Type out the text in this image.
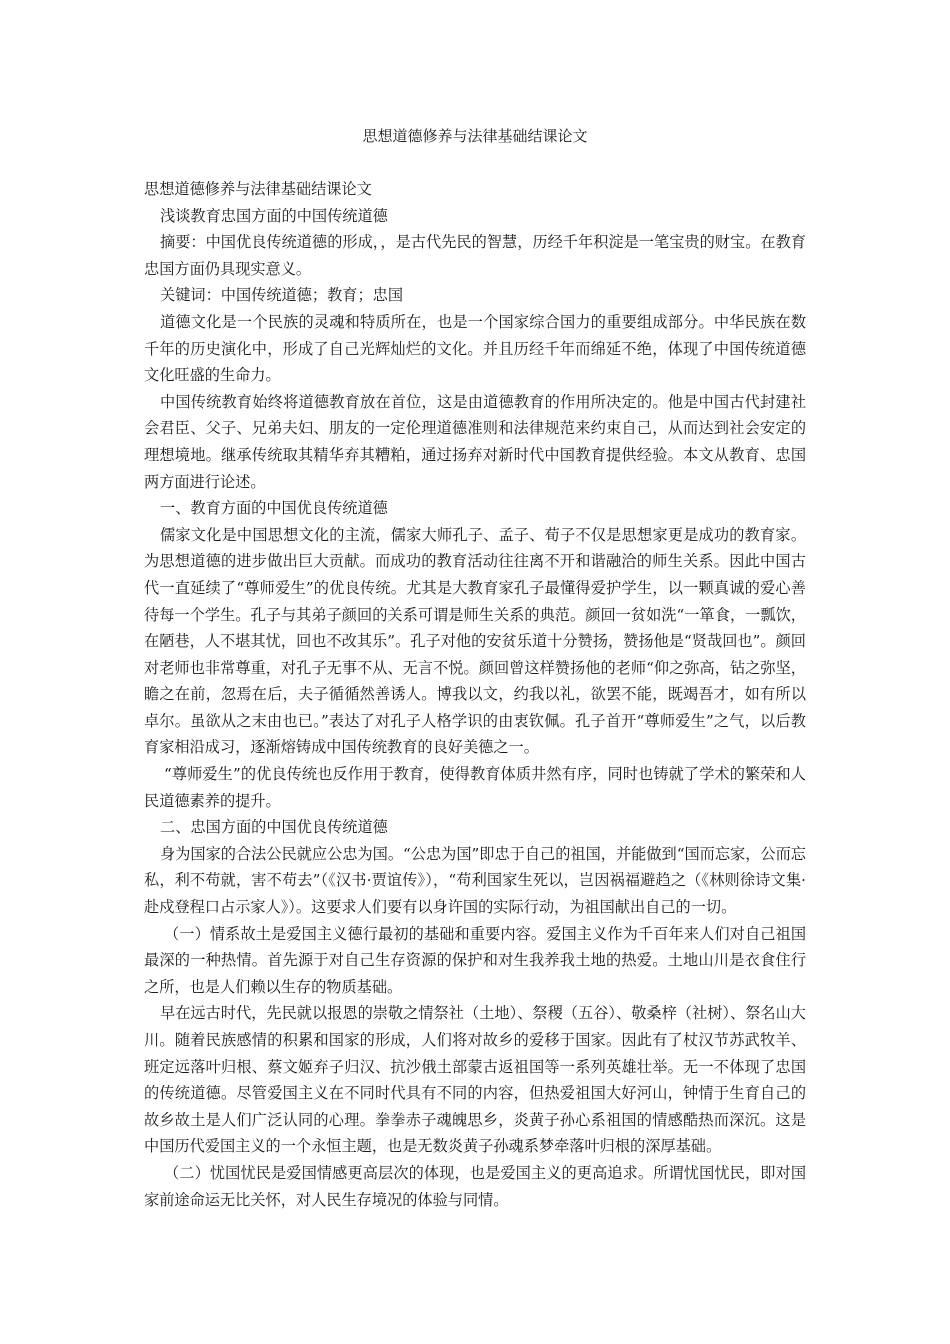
思想道德修养与法律基础结课论文

思想道德修养与法律基础结课论文

浅谈教育忠国方面的中国传统道德

摘要：中国优良传统道德的形成，，是古代先民的智慧，历经千年积淀是一笔宝贵的财宝。在教育忠国方面仍具现实意义。

关键词：中国传统道德；教育；忠国

道德文化是一个民族的灵魂和特质所在，也是一个国家综合国力的重要组成部分。中华民族在数千年的历史演化中，形成了自己光辉灿烂的文化。并且历经千年而绵延不绝，体现了中国传统道德文化旺盛的生命力。

中国传统教育始终将道德教育放在首位，这是由道德教育的作用所决定的。他是中国古代封建社会君臣、父子、兄弟夫妇、朋友的一定伦理道德准则和法律规范来约束自己，从而达到社会安定的理想境地。继承传统取其精华弃其糟粕，通过扬弃对新时代中国教育提供经验。本文从教育、忠国两方面进行论述。

一、教育方面的中国优良传统道德

儒家文化是中国思想文化的主流，儒家大师孔子、孟子、荀子不仅是思想家更是成功的教育家。为思想道德的进步做出巨大贡献。而成功的教育活动往往离不开和谐融洽的师生关系。因此中国古代一直延续了“尊师爱生”的优良传统。尤其是大教育家孔子最懂得爱护学生，以一颗真诚的爱心善待每一个学生。孔子与其弟子颜回的关系可谓是师生关系的典范。颜回一贫如洗“一箪食，一瓢饮，在陋巷，人不堪其忧，回也不改其乐”。孔子对他的安贫乐道十分赞扬，赞扬他是“贤哉回也”。颜回对老师也非常尊重，对孔子无事不从、无言不悦。颜回曾这样赞扬他的老师“仰之弥高，钻之弥坚，瞻之在前，忽焉在后，夫子循循然善诱人。博我以文，约我以礼，欲罢不能，既竭吾才，如有所以卓尔。虽欲从之末由也已。”表达了对孔子人格学识的由衷钦佩。孔子首开“尊师爱生”之气，以后教育家相沿成习，逐渐熔铸成中国传统教育的良好美德之一。

“尊师爱生”的优良传统也反作用于教育，使得教育体质井然有序，同时也铸就了学术的繁荣和人民道德素养的提升。

二、忠国方面的中国优良传统道德

身为国家的合法公民就应公忠为国。“公忠为国”即忠于自己的祖国，并能做到“国而忘家，公而忘私，利不苟就，害不苟去”（《汉书·贾谊传》），“苟利国家生死以，岂因祸福避趋之（《林则徐诗文集·赴戍登程口占示家人》）。这要求人们要有以身许国的实际行动，为祖国献出自己的一切。

（一）情系故土是爱国主义德行最初的基础和重要内容。爱国主义作为千百年来人们对自己祖国最深的一种热情。首先源于对自己生存资源的保护和对生我养我土地的热爱。土地山川是衣食住行之所，也是人们赖以生存的物质基础。

早在远古时代，先民就以报恩的崇敬之情祭社（土地）、祭稷（五谷）、敬桑梓（社树）、祭名山大川。随着民族感情的积累和国家的形成，人们将对故乡的爱移于国家。因此有了杖汉节苏武牧羊、班定远落叶归根、蔡文姬弃子归汉、抗沙俄土部蒙古返祖国等一系列英雄壮举。无一不体现了忠国的传统道德。尽管爱国主义在不同时代具有不同的内容，但热爱祖国大好河山，钟情于生育自己的故乡故土是人们广泛认同的心理。拳拳赤子魂魄思乡，炎黄子孙心系祖国的情感酷热而深沉。这是中国历代爱国主义的一个永恒主题，也是无数炎黄子孙魂系梦牵落叶归根的深厚基础。

（二）忧国忧民是爱国情感更高层次的体现，也是爱国主义的更高追求。所谓忧国忧民，即对国家前途命运无比关怀，对人民生存境况的体验与同情。
